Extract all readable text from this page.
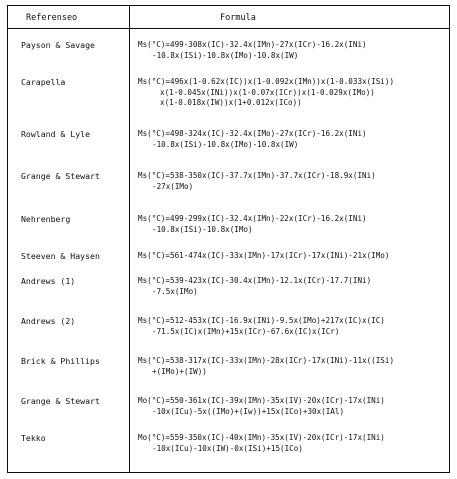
Referenseo	Formula
Payson & Savage	Ms(°C)=499-308x(IC)-32.4x(IMn)-27x(ICr)-16.2x(INi)
-10.8x(ISi)-10.8x(IMo)-10.8x(IW)
Carapella	Ms(°C)=496x(1-0.62x(IC))x(1-0.092x(IMn))x(1-0.033x(ISi))
x(1-0.045x(INi))x(1-0.07x(ICr))x(1-0.029x(IMo))
x(1-0.018x(IW))x(1+0.012x(ICo))
Rowland & Lyle	Ms(°C)=498-324x(IC)-32.4x(IMo)-27x(ICr)-16.2x(INi)
-10.8x(ISi)-10.8x(IMo)-10.8x(IW)
Grange & Stewart	Ms(°C)=538-350x(IC)-37.7x(IMn)-37.7x(ICr)-18.9x(INi)
-27x(IMo)
Nehrenberg	Ms(°C)=499-299x(IC)-32.4x(IMn)-22x(ICr)-16.2x(INi)
-10.8x(ISi)-10.8x(IMo)
Steeven & Haysen	Ms(°C)=561-474x(IC)-33x(IMn)-17x(ICr)-17x(INi)-21x(IMo)
Andrews (1)	Ms(°C)=539-423x(IC)-30.4x(IMn)-12.1x(ICr)-17.7(INi)
-7.5x(IMo)
Andrews (2)	Ms(°C)=512-453x(IC)-16.9x(INi)-9.5x(IMo)+217x(IC)x(IC)
-71.5x(IC)x(IMn)+15x(ICr)-67.6x(IC)x(ICr)
Brick & Phillips	Ms(°C)=538-317x(IC)-33x(IMn)-28x(ICr)-17x(INi)-11x((ISi)
+(IMo)+(IW))
Grange & Stewart	Mo(°C)=550-361x(IC)-39x(IMn)-35x(IV)-20x(ICr)-17x(INi)
-10x(ICu)-5x((IMo)+(Iw))+15x(ICo)+30x(IAl)
Tekko	Mo(°C)=559-350x(IC)-40x(IMn)-35x(IV)-20x(ICr)-17x(INi)
-10x(ICu)-10x(IW)-0x(ISi)+15(ICo)
